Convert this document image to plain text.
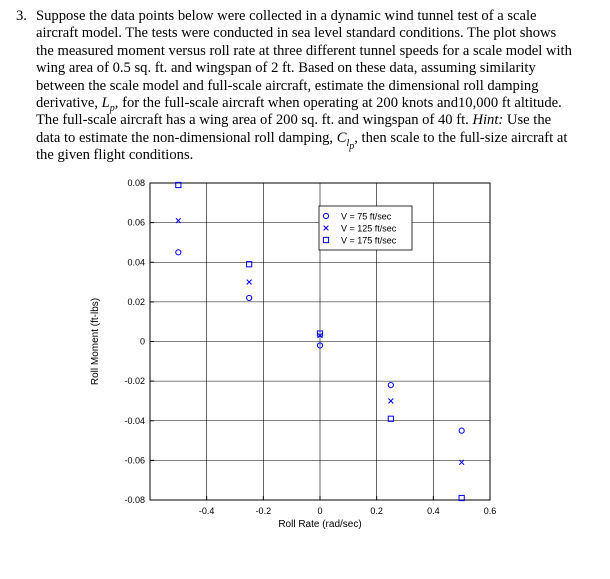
3. Suppose the data points below were collected in a dynamic wind tunnel test of a scale
aircraft model. The tests were conducted in sea level standard conditions. The plot shows
the measured moment versus roll rate at three different tunnel speeds for a scale model with
wing area of 0.5 sq. ft. and wingspan of 2 ft. Based on these data, assuming similarity
between the scale model and full-scale aircraft, estimate the dimensional roll damping
derivative, $L_p$, for the full-scale aircraft when operating at 200 knots and10,000 ft altitude.
The full-scale aircraft has a wing area of 200 sq. ft. and wingspan of 40 ft. Hint: Use the
data to estimate the non-dimensional roll damping, $C_{l_p}$, then scale to the full-size aircraft at
the given flight conditions.
-0.4	-0.2	0	0.2	0.4	0.6
0.08
0.06
0.04
0.02
0
-0.02
-0.04
-0.06
-0.08
V = 75 ft/sec
V = 125 ft/sec
V = 175 ft/sec
Roll Rate (rad/sec)
Roll Moment (ft-lbs)
